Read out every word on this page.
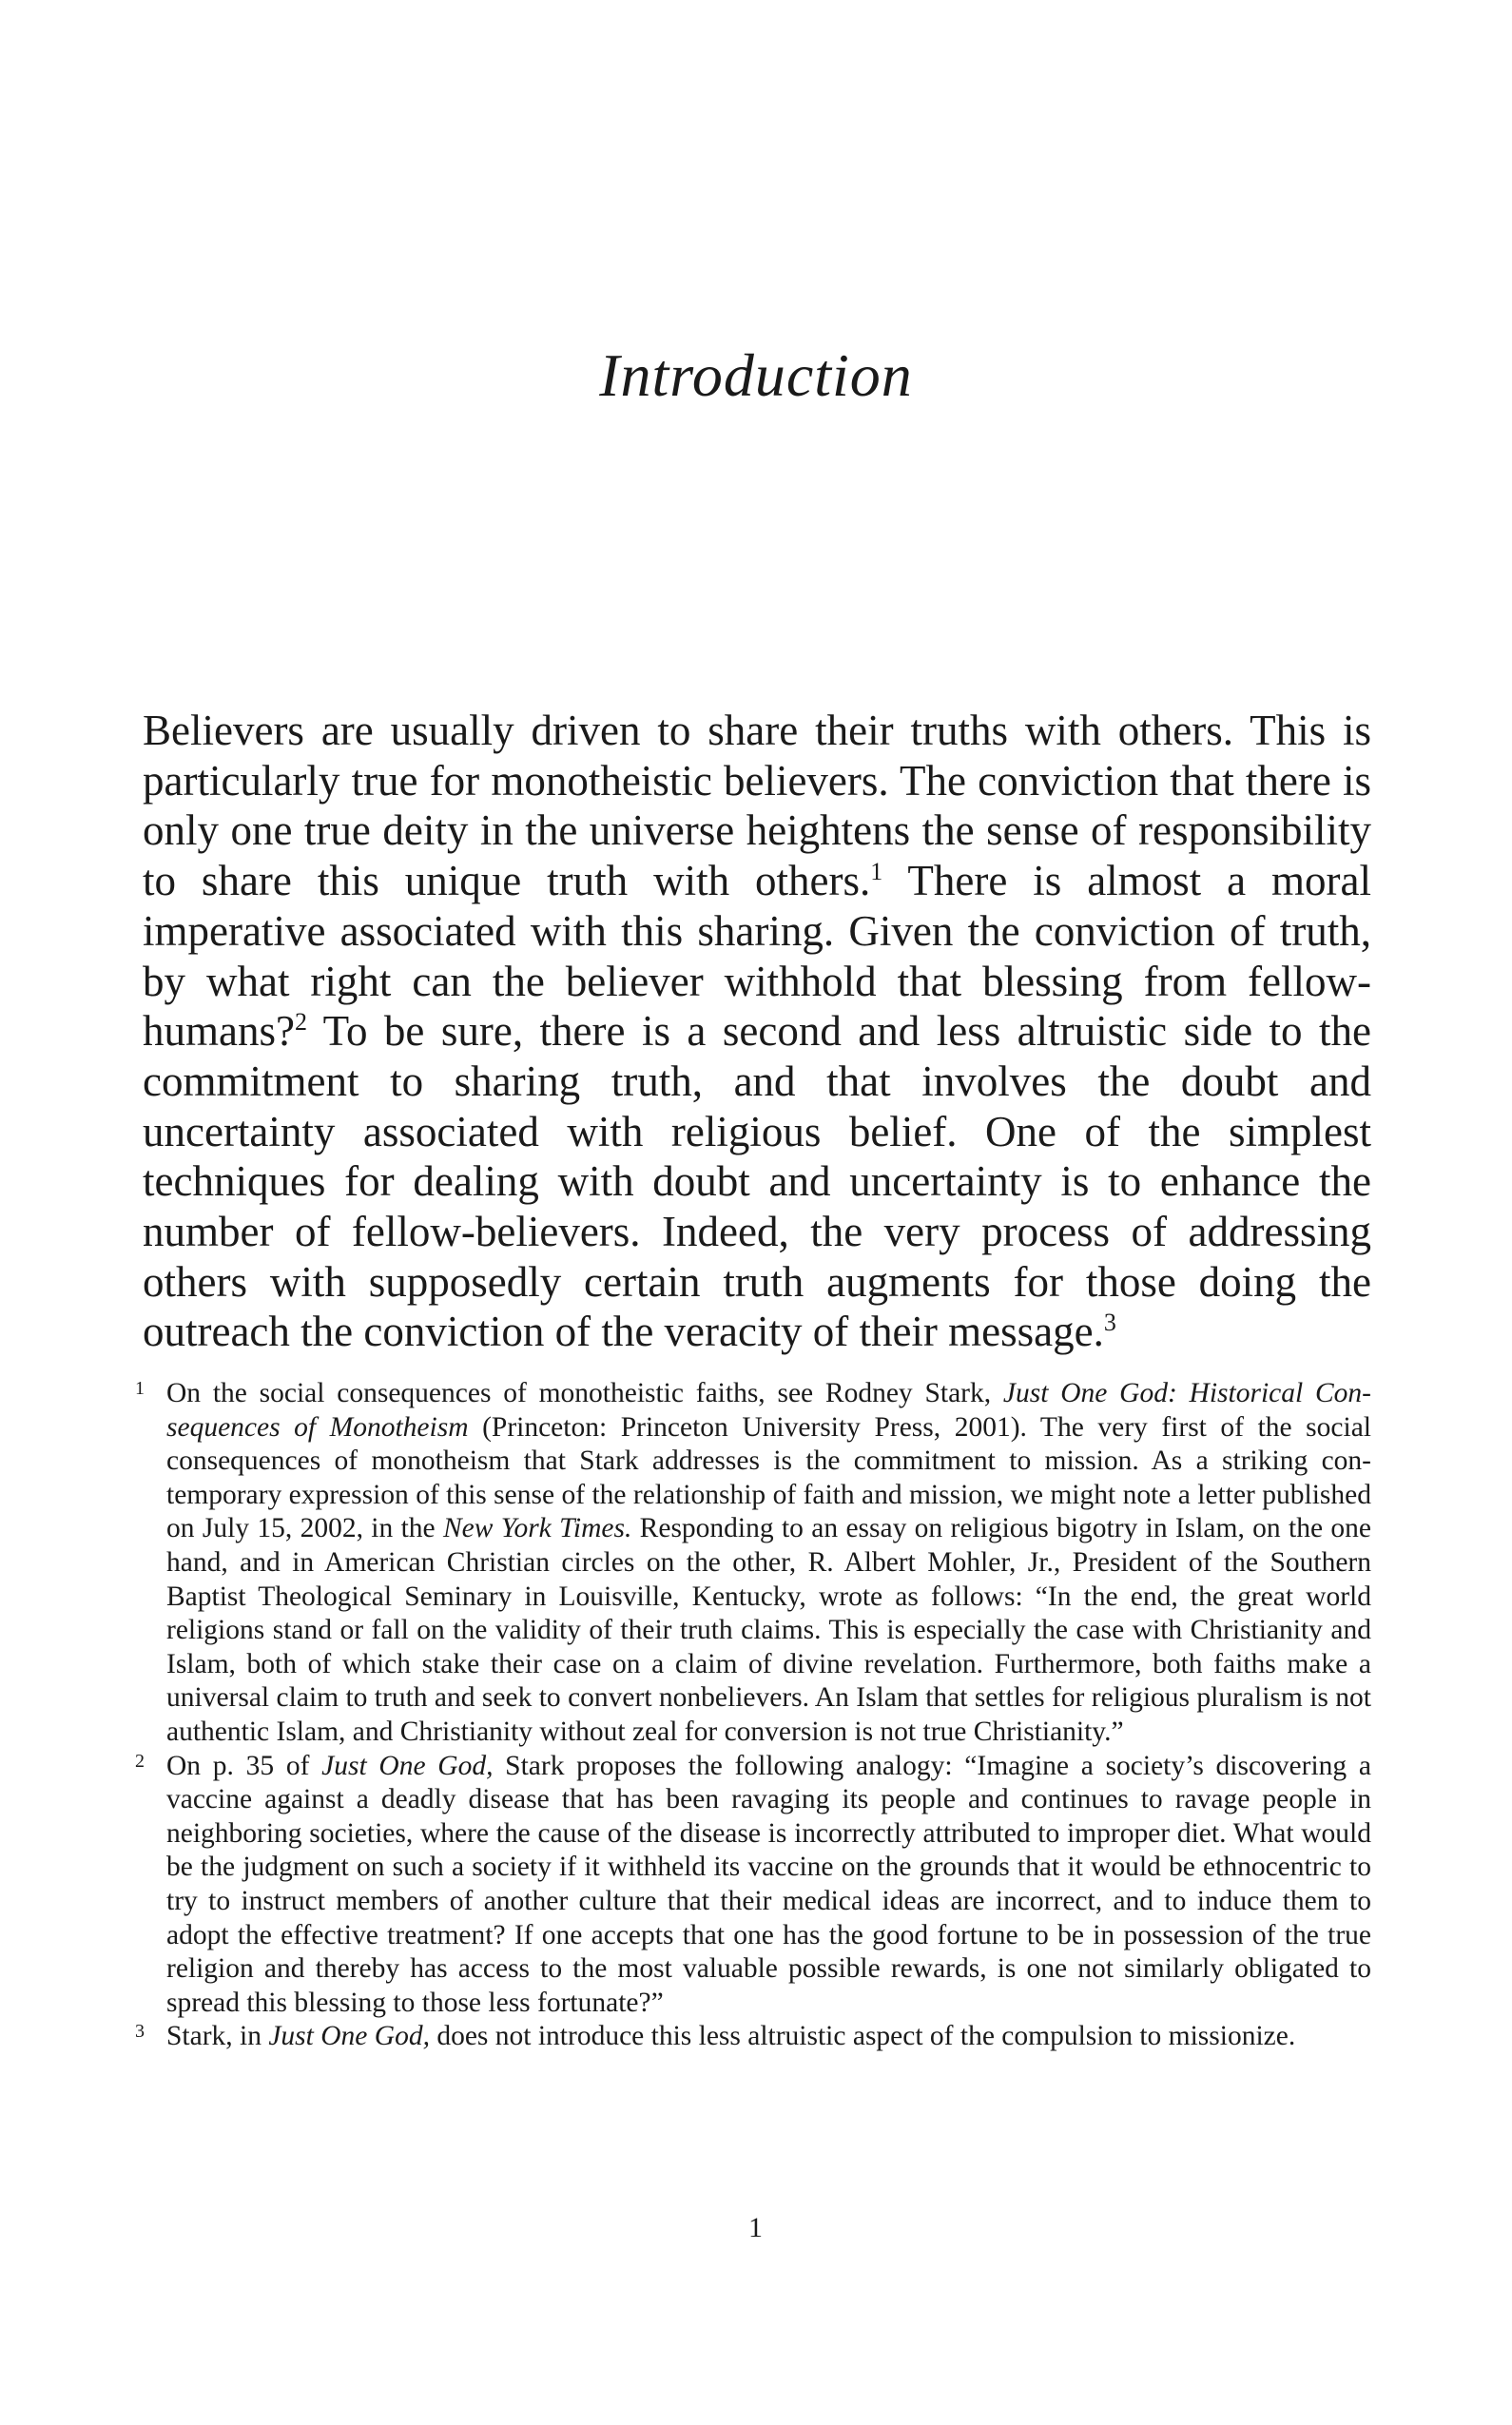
Introduction

Believers are usually driven to share their truths with others. This is particularly true for monotheistic believers. The conviction that there is only one true deity in the universe heightens the sense of responsibility to share this unique truth with others.$^1$ There is almost a moral imperative associated with this sharing. Given the conviction of truth, by what right can the believer withhold that blessing from fellow-humans?$^2$ To be sure, there is a second and less altruistic side to the commitment to sharing truth, and that involves the doubt and uncertainty associated with religious belief. One of the simplest techniques for dealing with doubt and uncertainty is to enhance the number of fellow-believers. Indeed, the very process of addressing others with supposedly certain truth augments for those doing the outreach the conviction of the veracity of their message.$^3$

1 On the social consequences of monotheistic faiths, see Rodney Stark, Just One God: Historical Consequences of Monotheism (Princeton: Princeton University Press, 2001). The very first of the social consequences of monotheism that Stark addresses is the commitment to mission. As a striking contemporary expression of this sense of the relationship of faith and mission, we might note a letter published on July 15, 2002, in the New York Times. Responding to an essay on religious bigotry in Islam, on the one hand, and in American Christian circles on the other, R. Albert Mohler, Jr., President of the Southern Baptist Theological Seminary in Louisville, Kentucky, wrote as follows: “In the end, the great world religions stand or fall on the validity of their truth claims. This is especially the case with Christianity and Islam, both of which stake their case on a claim of divine revelation. Furthermore, both faiths make a universal claim to truth and seek to convert nonbelievers. An Islam that settles for religious pluralism is not authentic Islam, and Christianity without zeal for conversion is not true Christianity.”
2 On p. 35 of Just One God, Stark proposes the following analogy: “Imagine a society’s discovering a vaccine against a deadly disease that has been ravaging its people and continues to ravage people in neighboring societies, where the cause of the disease is incorrectly attributed to improper diet. What would be the judgment on such a society if it withheld its vaccine on the grounds that it would be ethnocentric to try to instruct members of another culture that their medical ideas are incorrect, and to induce them to adopt the effective treatment? If one accepts that one has the good fortune to be in possession of the true religion and thereby has access to the most valuable possible rewards, is one not similarly obligated to spread this blessing to those less fortunate?”
3 Stark, in Just One God, does not introduce this less altruistic aspect of the compulsion to missionize.
1
